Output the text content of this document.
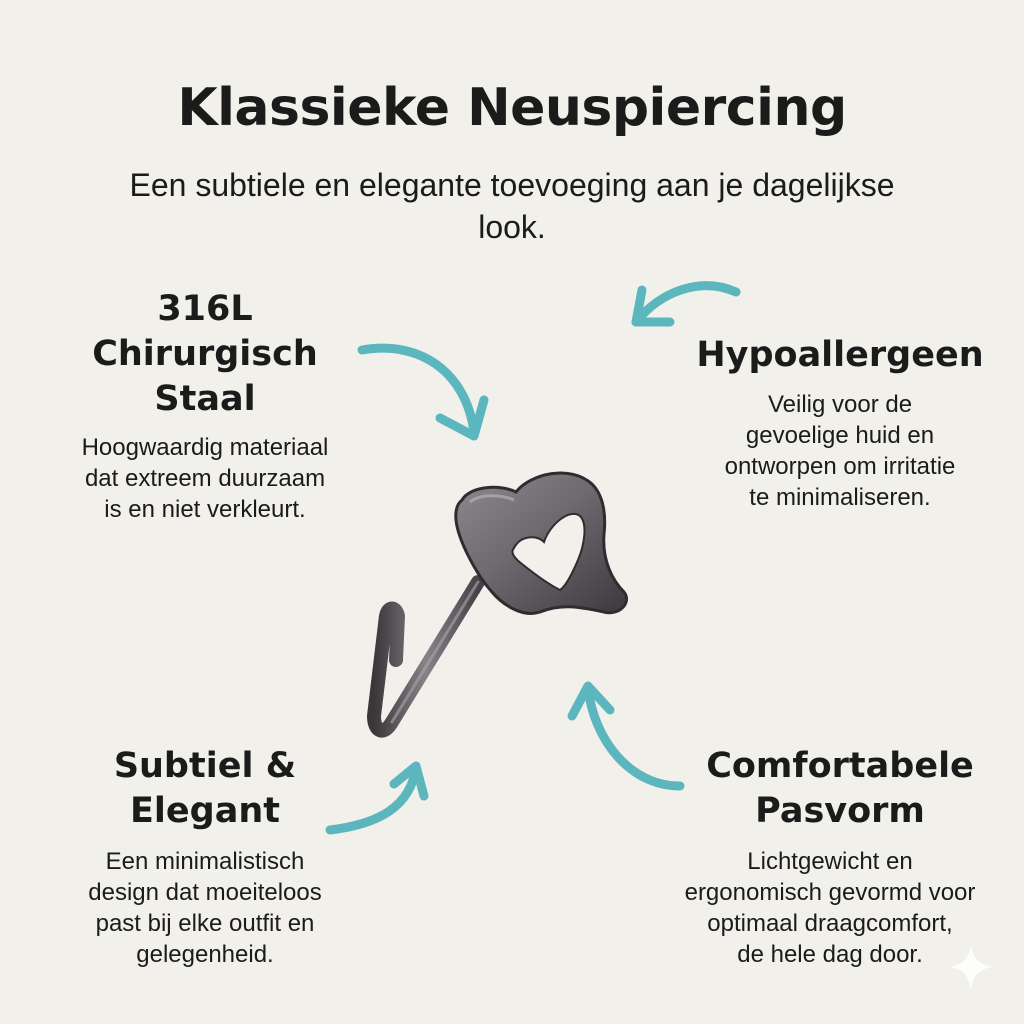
Klassieke Neuspiercing
Een subtiele en elegante toevoeging aan je dagelijkse look.
316L
Chirurgisch
Staal
Hoogwaardig materiaal
dat extreem duurzaam
is en niet verkleurt.
Hypoallergeen
Veilig voor de
gevoelige huid en
ontworpen om irritatie
te minimaliseren.
Subtiel &
Elegant
Een minimalistisch
design dat moeiteloos
past bij elke outfit en
gelegenheid.
Comfortabele
Pasvorm
Lichtgewicht en
ergonomisch gevormd voor
optimaal draagcomfort,
de hele dag door.
